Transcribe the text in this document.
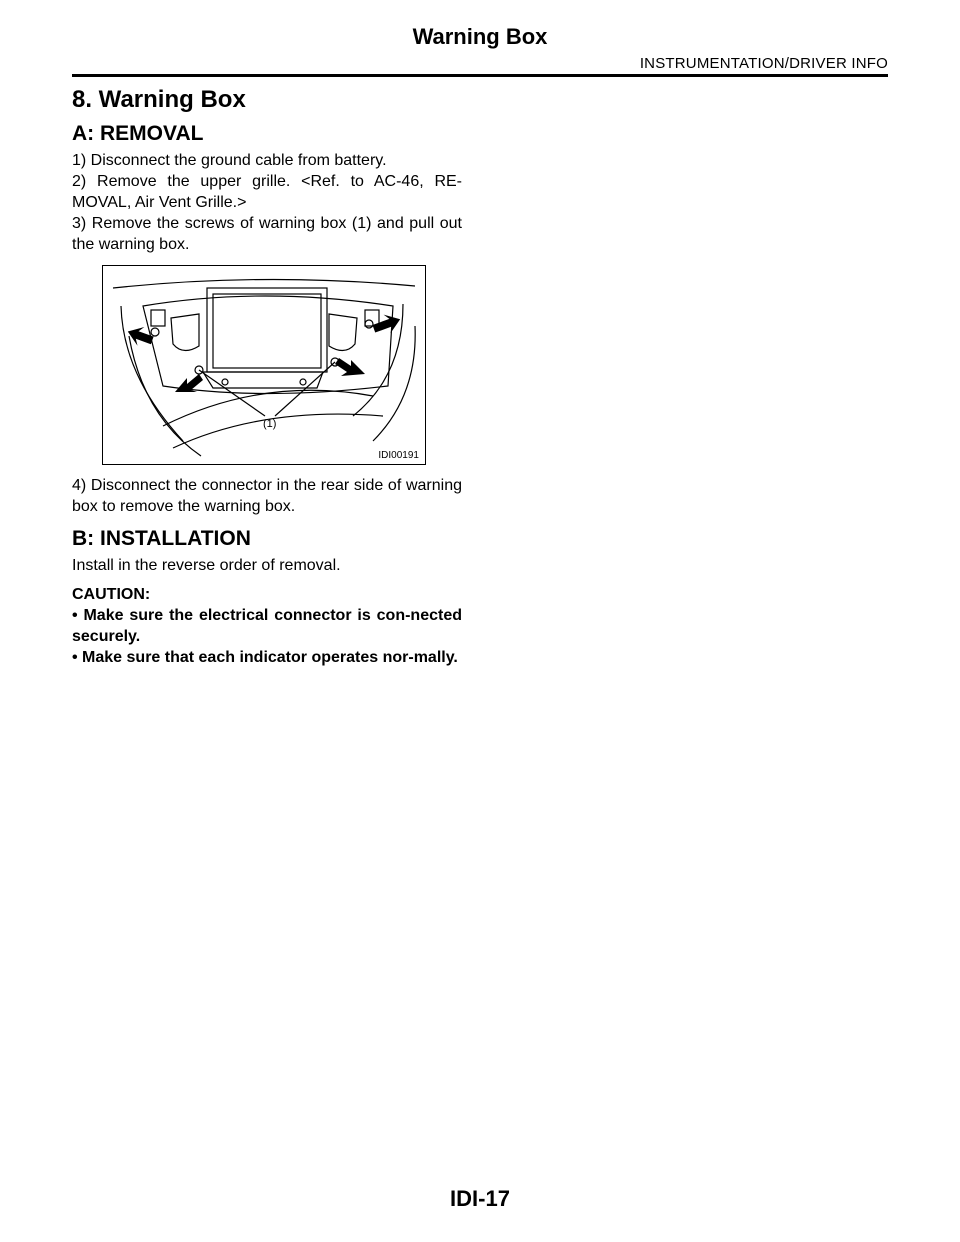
Warning Box
INSTRUMENTATION/DRIVER INFO
8. Warning Box
A: REMOVAL

1) Disconnect the ground cable from battery.

2) Remove the upper grille. <Ref. to AC-46, RE-MOVAL, Air Vent Grille.>

3) Remove the screws of warning box (1) and pull out the warning box.

(1)
IDI00191

4) Disconnect the connector in the rear side of warning box to remove the warning box.

B: INSTALLATION

Install in the reverse order of removal.

CAUTION:

• Make sure the electrical connector is con-nected securely.

• Make sure that each indicator operates nor-mally.

IDI-17
